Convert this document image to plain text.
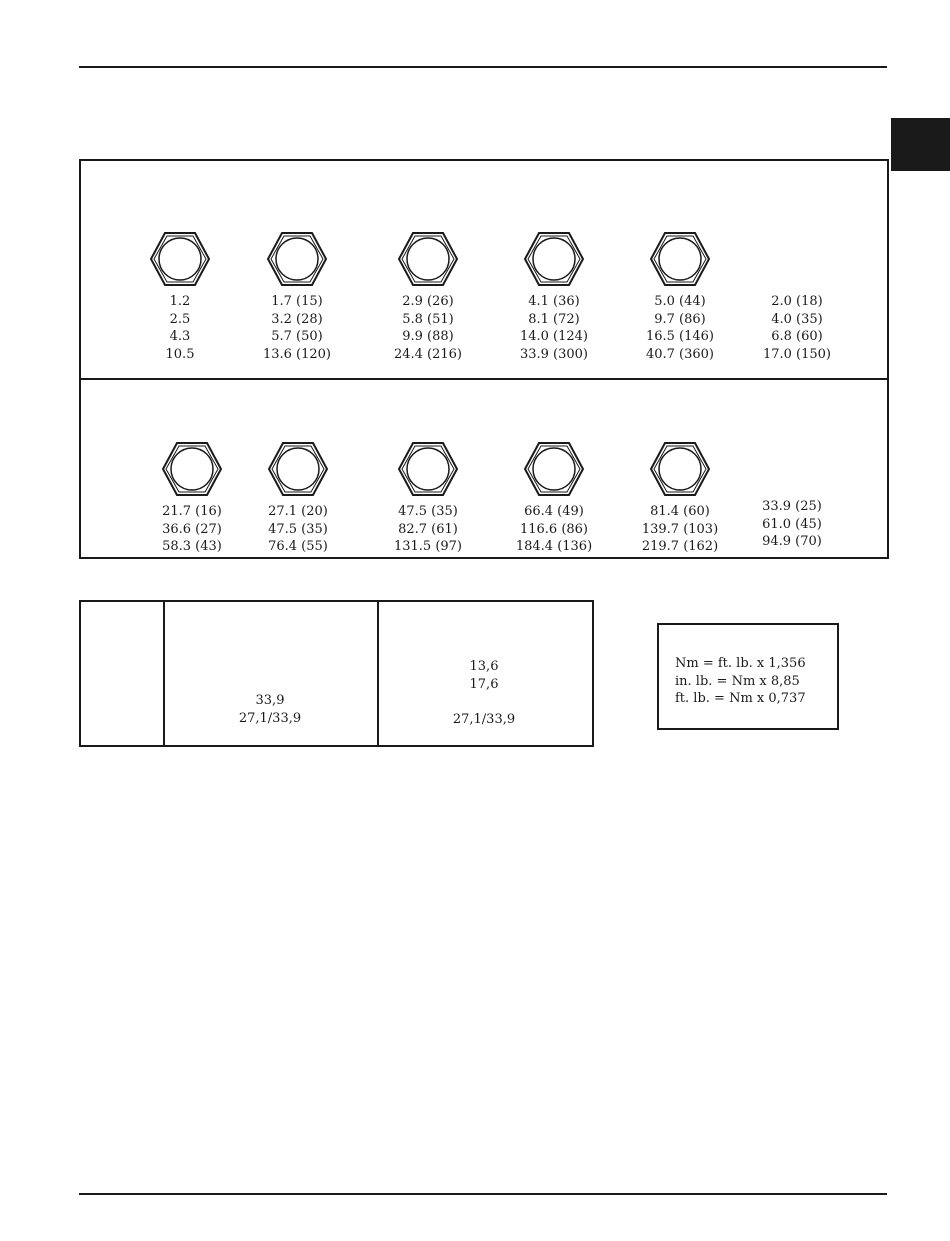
1.2
2.5
4.3
10.5
1.7 (15)
3.2 (28)
5.7 (50)
13.6 (120)
2.9 (26)
5.8 (51)
9.9 (88)
24.4 (216)
4.1 (36)
8.1 (72)
14.0 (124)
33.9 (300)
5.0 (44)
9.7 (86)
16.5 (146)
40.7 (360)
2.0 (18)
4.0 (35)
6.8 (60)
17.0 (150)
21.7 (16)
36.6 (27)
58.3 (43)
27.1 (20)
47.5 (35)
76.4 (55)
47.5 (35)
82.7 (61)
131.5 (97)
66.4 (49)
116.6 (86)
184.4 (136)
81.4 (60)
139.7 (103)
219.7 (162)
33.9 (25)
61.0 (45)
94.9 (70)
33,9
27,1/33,9
13,6
17,6
27,1/33,9
Nm = ft. lb. x 1,356
in. lb. = Nm x 8,85
ft. lb. = Nm x 0,737
